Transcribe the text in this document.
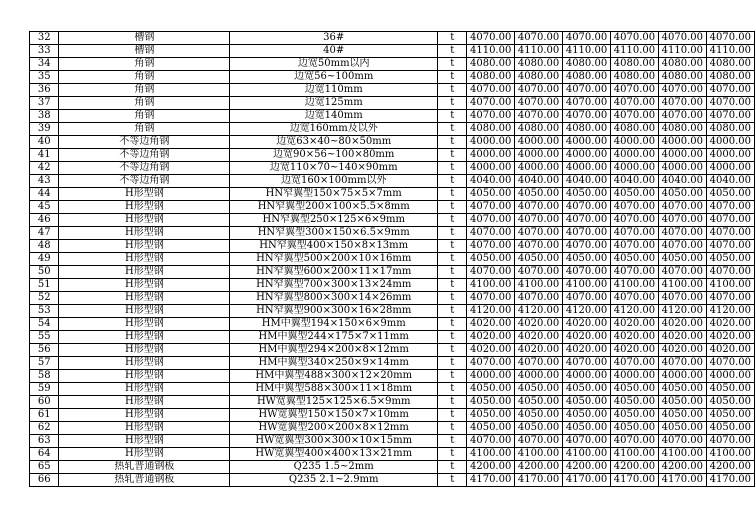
32	槽钢	36#	t	4070.00	4070.00	4070.00	4070.00	4070.00	4070.00
33	槽钢	40#	t	4110.00	4110.00	4110.00	4110.00	4110.00	4110.00
34	角钢	边宽50mm以内	t	4080.00	4080.00	4080.00	4080.00	4080.00	4080.00
35	角钢	边宽56~100mm	t	4080.00	4080.00	4080.00	4080.00	4080.00	4080.00
36	角钢	边宽110mm	t	4070.00	4070.00	4070.00	4070.00	4070.00	4070.00
37	角钢	边宽125mm	t	4070.00	4070.00	4070.00	4070.00	4070.00	4070.00
38	角钢	边宽140mm	t	4070.00	4070.00	4070.00	4070.00	4070.00	4070.00
39	角钢	边宽160mm及以外	t	4080.00	4080.00	4080.00	4080.00	4080.00	4080.00
40	不等边角钢	边宽63×40~80×50mm	t	4000.00	4000.00	4000.00	4000.00	4000.00	4000.00
41	不等边角钢	边宽90×56~100×80mm	t	4000.00	4000.00	4000.00	4000.00	4000.00	4000.00
42	不等边角钢	边宽110×70~140×90mm	t	4000.00	4000.00	4000.00	4000.00	4000.00	4000.00
43	不等边角钢	边宽160×100mm以外	t	4040.00	4040.00	4040.00	4040.00	4040.00	4040.00
44	H形型钢	HN窄翼型150×75×5×7mm	t	4050.00	4050.00	4050.00	4050.00	4050.00	4050.00
45	H形型钢	HN窄翼型200×100×5.5×8mm	t	4070.00	4070.00	4070.00	4070.00	4070.00	4070.00
46	H形型钢	HN窄翼型250×125×6×9mm	t	4070.00	4070.00	4070.00	4070.00	4070.00	4070.00
47	H形型钢	HN窄翼型300×150×6.5×9mm	t	4070.00	4070.00	4070.00	4070.00	4070.00	4070.00
48	H形型钢	HN窄翼型400×150×8×13mm	t	4070.00	4070.00	4070.00	4070.00	4070.00	4070.00
49	H形型钢	HN窄翼型500×200×10×16mm	t	4050.00	4050.00	4050.00	4050.00	4050.00	4050.00
50	H形型钢	HN窄翼型600×200×11×17mm	t	4070.00	4070.00	4070.00	4070.00	4070.00	4070.00
51	H形型钢	HN窄翼型700×300×13×24mm	t	4100.00	4100.00	4100.00	4100.00	4100.00	4100.00
52	H形型钢	HN窄翼型800×300×14×26mm	t	4070.00	4070.00	4070.00	4070.00	4070.00	4070.00
53	H形型钢	HN窄翼型900×300×16×28mm	t	4120.00	4120.00	4120.00	4120.00	4120.00	4120.00
54	H形型钢	HM中翼型194×150×6×9mm	t	4020.00	4020.00	4020.00	4020.00	4020.00	4020.00
55	H形型钢	HM中翼型244×175×7×11mm	t	4020.00	4020.00	4020.00	4020.00	4020.00	4020.00
56	H形型钢	HM中翼型294×200×8×12mm	t	4020.00	4020.00	4020.00	4020.00	4020.00	4020.00
57	H形型钢	HM中翼型340×250×9×14mm	t	4070.00	4070.00	4070.00	4070.00	4070.00	4070.00
58	H形型钢	HM中翼型488×300×12×20mm	t	4000.00	4000.00	4000.00	4000.00	4000.00	4000.00
59	H形型钢	HM中翼型588×300×11×18mm	t	4050.00	4050.00	4050.00	4050.00	4050.00	4050.00
60	H形型钢	HW宽翼型125×125×6.5×9mm	t	4050.00	4050.00	4050.00	4050.00	4050.00	4050.00
61	H形型钢	HW宽翼型150×150×7×10mm	t	4050.00	4050.00	4050.00	4050.00	4050.00	4050.00
62	H形型钢	HW宽翼型200×200×8×12mm	t	4050.00	4050.00	4050.00	4050.00	4050.00	4050.00
63	H形型钢	HW宽翼型300×300×10×15mm	t	4070.00	4070.00	4070.00	4070.00	4070.00	4070.00
64	H形型钢	HW宽翼型400×400×13×21mm	t	4100.00	4100.00	4100.00	4100.00	4100.00	4100.00
65	热轧普通钢板	Q235 1.5~2mm	t	4200.00	4200.00	4200.00	4200.00	4200.00	4200.00
66	热轧普通钢板	Q235 2.1~2.9mm	t	4170.00	4170.00	4170.00	4170.00	4170.00	4170.00
